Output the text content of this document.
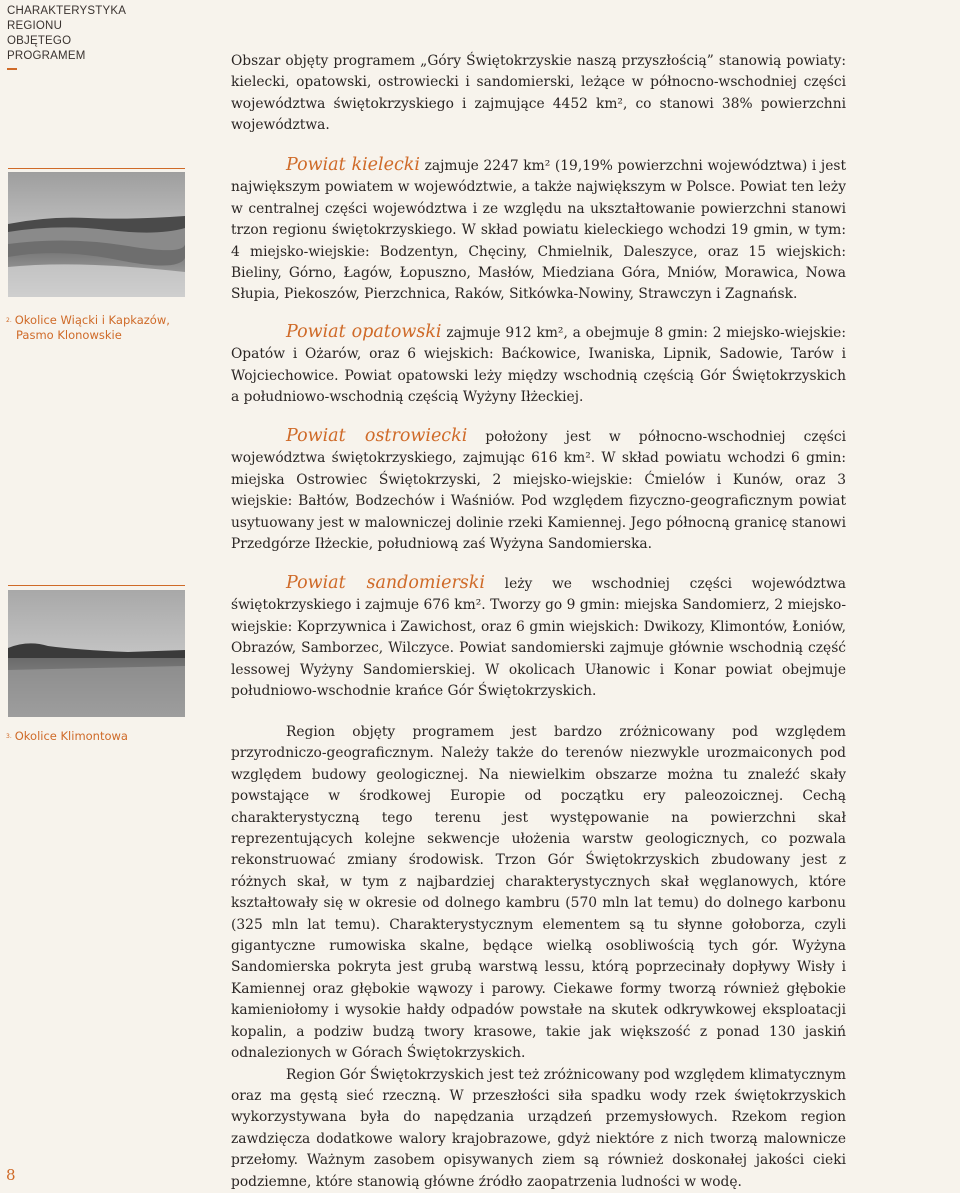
CHARAKTERYSTYKA
REGIONU
OBJĘTEGO
PROGRAMEM
$^{2.}$ Okolice Wiącki i Kapkazów,
Pasmo Klonowskie
$^{3.}$ Okolice Klimontowa
8

Obszar objęty programem „Góry Świętokrzyskie naszą przyszłością” stanowią powiaty: kielecki, opatowski, ostrowiecki i sandomierski, leżące w północno-wschodniej części województwa świętokrzyskiego i zajmujące 4452 km², co stanowi 38% powierzchni województwa.

Powiat kielecki zajmuje 2247 km² (19,19% powierzchni województwa) i jest największym powiatem w województwie, a także największym w Polsce. Powiat ten leży w centralnej części województwa i ze względu na ukształtowanie powierzchni stanowi trzon regionu świętokrzyskiego. W skład powiatu kieleckiego wchodzi 19 gmin, w tym: 4 miejsko-wiejskie: Bodzentyn, Chęciny, Chmielnik, Daleszyce, oraz 15 wiejskich: Bieliny, Górno, Łagów, Łopuszno, Masłów, Miedziana Góra, Mniów, Morawica, Nowa Słupia, Piekoszów, Pierzchnica, Raków, Sitkówka-Nowiny, Strawczyn i Zagnańsk.

Powiat opatowski zajmuje 912 km², a obejmuje 8 gmin: 2 miejsko-wiejskie: Opatów i Ożarów, oraz 6 wiejskich: Baćkowice, Iwaniska, Lipnik, Sadowie, Tarów i Wojciechowice. Powiat opatowski leży między wschodnią częścią Gór Świętokrzyskich a południowo-wschodnią częścią Wyżyny Iłżeckiej.

Powiat ostrowiecki położony jest w północno-wschodniej części województwa świętokrzyskiego, zajmując 616 km². W skład powiatu wchodzi 6 gmin: miejska Ostrowiec Świętokrzyski, 2 miejsko-wiejskie: Ćmielów i Kunów, oraz 3 wiejskie: Bałtów, Bodzechów i Waśniów. Pod względem fizyczno-geograficznym powiat usytuowany jest w malowniczej dolinie rzeki Kamiennej. Jego północną granicę stanowi Przedgórze Iłżeckie, południową zaś Wyżyna Sandomierska.

Powiat sandomierski leży we wschodniej części województwa świętokrzyskiego i zajmuje 676 km². Tworzy go 9 gmin: miejska Sandomierz, 2 miejsko-wiejskie: Koprzywnica i Zawichost, oraz 6 gmin wiejskich: Dwikozy, Klimontów, Łoniów, Obrazów, Samborzec, Wilczyce. Powiat sandomierski zajmuje głównie wschodnią część lessowej Wyżyny Sandomierskiej. W okolicach Ułanowic i Konar powiat obejmuje południowo-wschodnie krańce Gór Świętokrzyskich.

Region objęty programem jest bardzo zróżnicowany pod względem przyrodniczo-geograficznym. Należy także do terenów niezwykle urozmaiconych pod względem budowy geologicznej. Na niewielkim obszarze można tu znaleźć skały powstające w środkowej Europie od początku ery paleozoicznej. Cechą charakterystyczną tego terenu jest występowanie na powierzchni skał reprezentujących kolejne sekwencje ułożenia warstw geologicznych, co pozwala rekonstruować zmiany środowisk. Trzon Gór Świętokrzyskich zbudowany jest z różnych skał, w tym z najbardziej charakterystycznych skał węglanowych, które kształtowały się w okresie od dolnego kambru (570 mln lat temu) do dolnego karbonu (325 mln lat temu). Charakterystycznym elementem są tu słynne gołoborza, czyli gigantyczne rumowiska skalne, będące wielką osobliwością tych gór. Wyżyna Sandomierska pokryta jest grubą warstwą lessu, którą poprzecinały dopływy Wisły i Kamiennej oraz głębokie wąwozy i parowy. Ciekawe formy tworzą również głębokie kamieniołomy i wysokie hałdy odpadów powstałe na skutek odkrywkowej eksploatacji kopalin, a podziw budzą twory krasowe, takie jak większość z ponad 130 jaskiń odnalezionych w Górach Świętokrzyskich.

Region Gór Świętokrzyskich jest też zróżnicowany pod względem klimatycznym oraz ma gęstą sieć rzeczną. W przeszłości siła spadku wody rzek świętokrzyskich wykorzystywana była do napędzania urządzeń przemysłowych. Rzekom region zawdzięcza dodatkowe walory krajobrazowe, gdyż niektóre z nich tworzą malownicze przełomy. Ważnym zasobem opisywanych ziem są również doskonałej jakości cieki podziemne, które stanowią główne źródło zaopatrzenia ludności w wodę.
